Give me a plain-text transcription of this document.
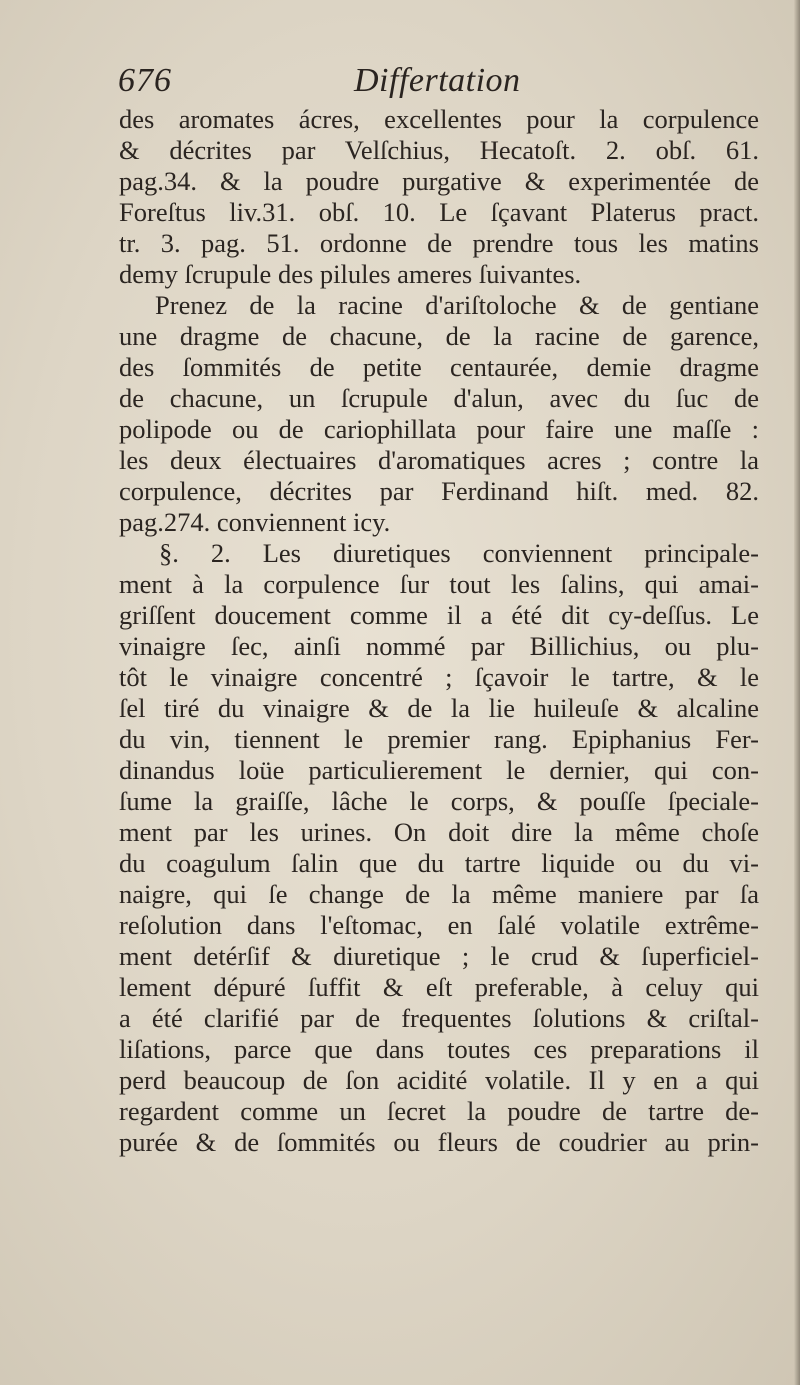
676	Differtation
des aromates ácres, excellentes pour la corpulence
& décrites par Velſchius, Hecatoſt. 2. obſ. 61.
pag.34. & la poudre purgative & experimentée de
Foreſtus liv.31. obſ. 10. Le ſçavant Platerus pract.
tr. 3. pag. 51. ordonne de prendre tous les matins
demy ſcrupule des pilules ameres ſuivantes.
Prenez de la racine d'ariſtoloche & de gentiane
une dragme de chacune, de la racine de garence,
des ſommités de petite centaurée, demie dragme
de chacune, un ſcrupule d'alun, avec du ſuc de
polipode ou de cariophillata pour faire une maſſe :
les deux électuaires d'aromatiques acres ; contre la
corpulence, décrites par Ferdinand hiſt. med. 82.
pag.274. conviennent icy.
§. 2. Les diuretiques conviennent principale-
ment à la corpulence ſur tout les ſalins, qui amai-
griſſent doucement comme il a été dit cy-deſſus. Le
vinaigre ſec, ainſi nommé par Billichius, ou plu-
tôt le vinaigre concentré ; ſçavoir le tartre, & le
ſel tiré du vinaigre & de la lie huileuſe & alcaline
du vin, tiennent le premier rang. Epiphanius Fer-
dinandus loüe particulierement le dernier, qui con-
ſume la graiſſe, lâche le corps, & pouſſe ſpeciale-
ment par les urines. On doit dire la même choſe
du coagulum ſalin que du tartre liquide ou du vi-
naigre, qui ſe change de la même maniere par ſa
reſolution dans l'eſtomac, en ſalé volatile extrême-
ment detérſif & diuretique ; le crud & ſuperficiel-
lement dépuré ſuffit & eſt preferable, à celuy qui
a été clarifié par de frequentes ſolutions & criſtal-
liſations, parce que dans toutes ces preparations il
perd beaucoup de ſon acidité volatile. Il y en a qui
regardent comme un ſecret la poudre de tartre de-
purée & de ſommités ou fleurs de coudrier au prin-
